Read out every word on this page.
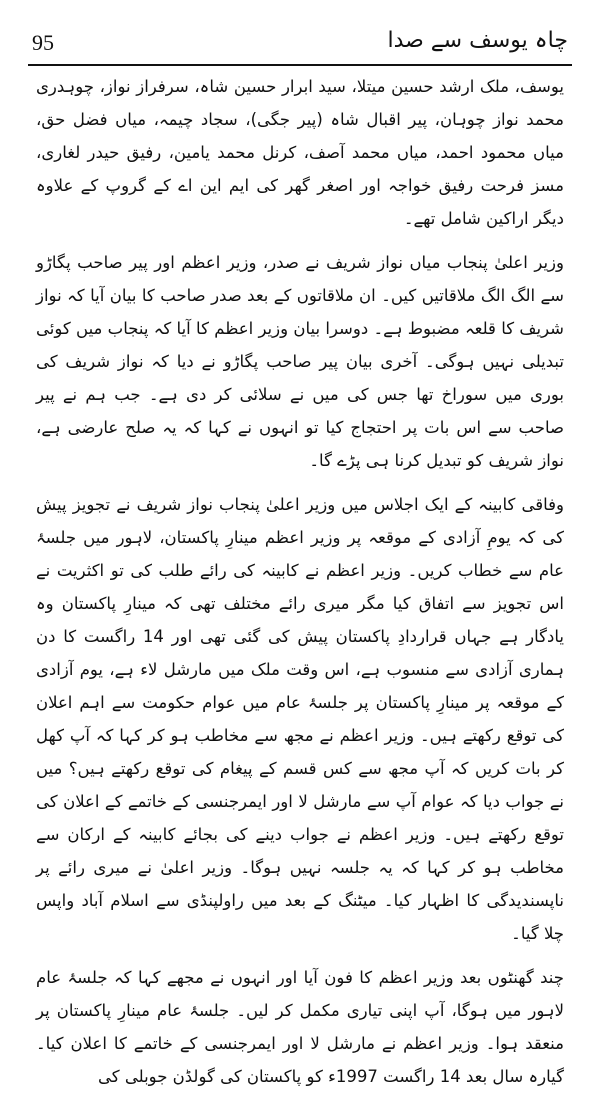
95	چاہ یوسف سے صدا

یوسف، ملک ارشد حسین میتلا، سید ابرار حسین شاہ، سرفراز نواز، چوہدری محمد نواز چوہان، پیر اقبال شاہ (پیر جگی)، سجاد چیمہ، میاں فضل حق، میاں محمود احمد، میاں محمد آصف، کرنل محمد یامین، رفیق حیدر لغاری، مسز فرحت رفیق خواجہ اور اصغر گھر کی ایم این اے کے گروپ کے علاوہ دیگر اراکین شامل تھے۔

وزیر اعلیٰ پنجاب میاں نواز شریف نے صدر، وزیر اعظم اور پیر صاحب پگاڑو سے الگ الگ ملاقاتیں کیں۔ ان ملاقاتوں کے بعد صدر صاحب کا بیان آیا کہ نواز شریف کا قلعہ مضبوط ہے۔ دوسرا بیان وزیر اعظم کا آیا کہ پنجاب میں کوئی تبدیلی نہیں ہوگی۔ آخری بیان پیر صاحب پگاڑو نے دیا کہ نواز شریف کی بوری میں سوراخ تھا جس کی میں نے سلائی کر دی ہے۔ جب ہم نے پیر صاحب سے اس بات پر احتجاج کیا تو انہوں نے کہا کہ یہ صلح عارضی ہے، نواز شریف کو تبدیل کرنا ہی پڑے گا۔

وفاقی کابینہ کے ایک اجلاس میں وزیر اعلیٰ پنجاب نواز شریف نے تجویز پیش کی کہ یومِ آزادی کے موقعہ پر وزیر اعظم مینارِ پاکستان، لاہور میں جلسۂ عام سے خطاب کریں۔ وزیر اعظم نے کابینہ کی رائے طلب کی تو اکثریت نے اس تجویز سے اتفاق کیا مگر میری رائے مختلف تھی کہ مینارِ پاکستان وہ یادگار ہے جہاں قراردادِ پاکستان پیش کی گئی تھی اور 14 راگست کا دن ہماری آزادی سے منسوب ہے، اس وقت ملک میں مارشل لاء ہے، یوم آزادی کے موقعہ پر مینارِ پاکستان پر جلسۂ عام میں عوام حکومت سے اہم اعلان کی توقع رکھتے ہیں۔ وزیر اعظم نے مجھ سے مخاطب ہو کر کہا کہ آپ کھل کر بات کریں کہ آپ مجھ سے کس قسم کے پیغام کی توقع رکھتے ہیں؟ میں نے جواب دیا کہ عوام آپ سے مارشل لا اور ایمرجنسی کے خاتمے کے اعلان کی توقع رکھتے ہیں۔ وزیر اعظم نے جواب دینے کی بجائے کابینہ کے ارکان سے مخاطب ہو کر کہا کہ یہ جلسہ نہیں ہوگا۔ وزیر اعلیٰ نے میری رائے پر ناپسندیدگی کا اظہار کیا۔ میٹنگ کے بعد میں راولپنڈی سے اسلام آباد واپس چلا گیا۔

چند گھنٹوں بعد وزیر اعظم کا فون آیا اور انہوں نے مجھے کہا کہ جلسۂ عام لاہور میں ہوگا، آپ اپنی تیاری مکمل کر لیں۔ جلسۂ عام مینارِ پاکستان پر منعقد ہوا۔ وزیر اعظم نے مارشل لا اور ایمرجنسی کے خاتمے کا اعلان کیا۔ گیارہ سال بعد 14 راگست 1997ء کو پاکستان کی گولڈن جوبلی کی
